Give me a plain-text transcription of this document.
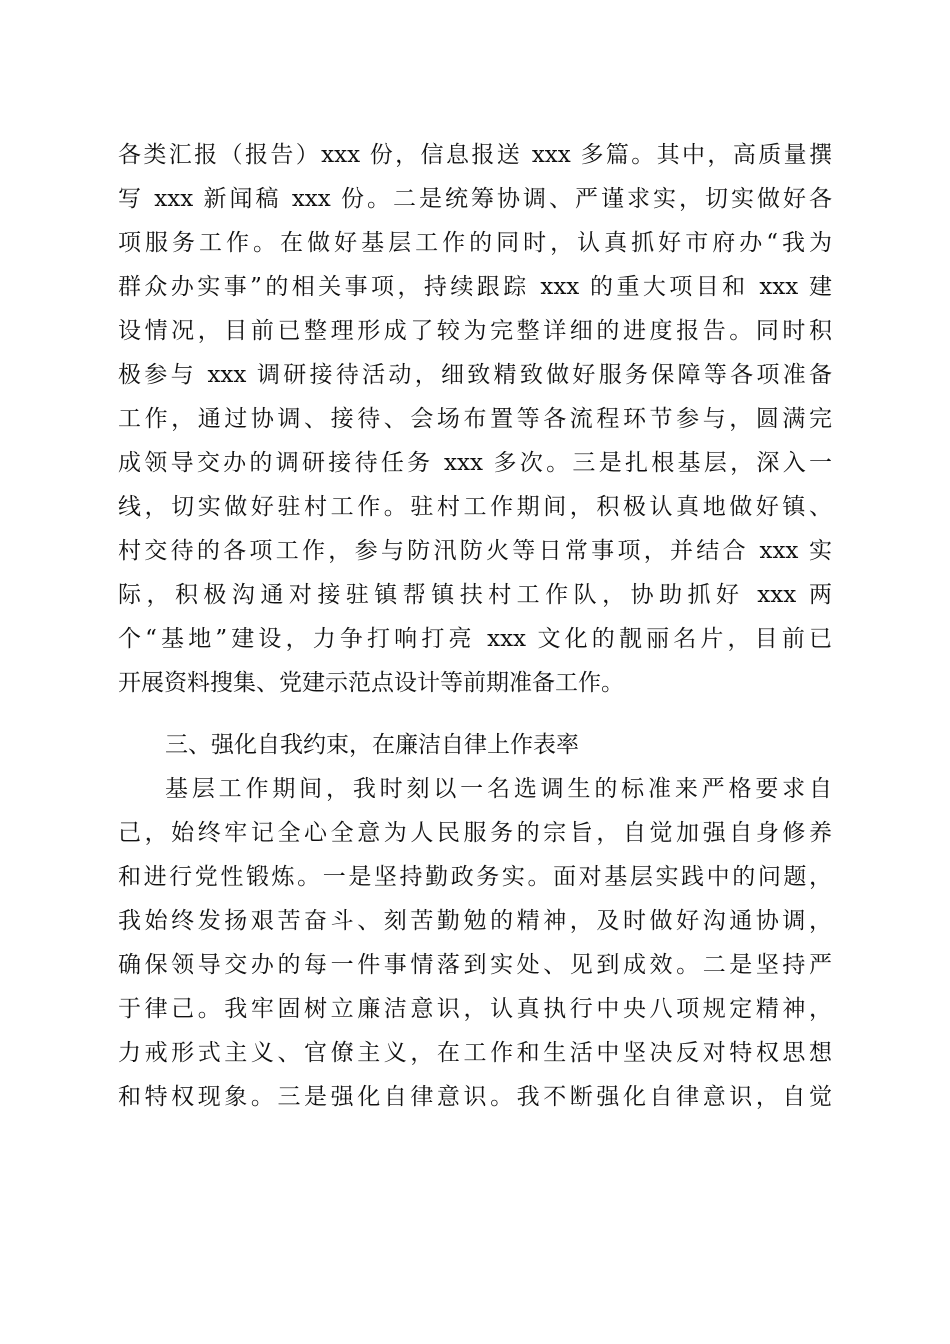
各类汇报（报告）xxx 份，信息报送 xxx 多篇。其中，高质量撰
写 xxx 新闻稿 xxx 份。二是统筹协调、严谨求实，切实做好各
项服务工作。在做好基层工作的同时，认真抓好市府办“我为
群众办实事”的相关事项，持续跟踪 xxx 的重大项目和 xxx 建
设情况，目前已整理形成了较为完整详细的进度报告。同时积
极参与 xxx 调研接待活动，细致精致做好服务保障等各项准备
工作，通过协调、接待、会场布置等各流程环节参与，圆满完
成领导交办的调研接待任务 xxx 多次。三是扎根基层，深入一
线，切实做好驻村工作。驻村工作期间，积极认真地做好镇、
村交待的各项工作，参与防汛防火等日常事项，并结合 xxx 实
际，积极沟通对接驻镇帮镇扶村工作队，协助抓好 xxx 两
个“基地”建设，力争打响打亮 xxx 文化的靓丽名片，目前已
开展资料搜集、党建示范点设计等前期准备工作。
三、强化自我约束，在廉洁自律上作表率
基层工作期间，我时刻以一名选调生的标准来严格要求自
己，始终牢记全心全意为人民服务的宗旨，自觉加强自身修养
和进行党性锻炼。一是坚持勤政务实。面对基层实践中的问题，
我始终发扬艰苦奋斗、刻苦勤勉的精神，及时做好沟通协调，
确保领导交办的每一件事情落到实处、见到成效。二是坚持严
于律己。我牢固树立廉洁意识，认真执行中央八项规定精神，
力戒形式主义、官僚主义，在工作和生活中坚决反对特权思想
和特权现象。三是强化自律意识。我不断强化自律意识，自觉
